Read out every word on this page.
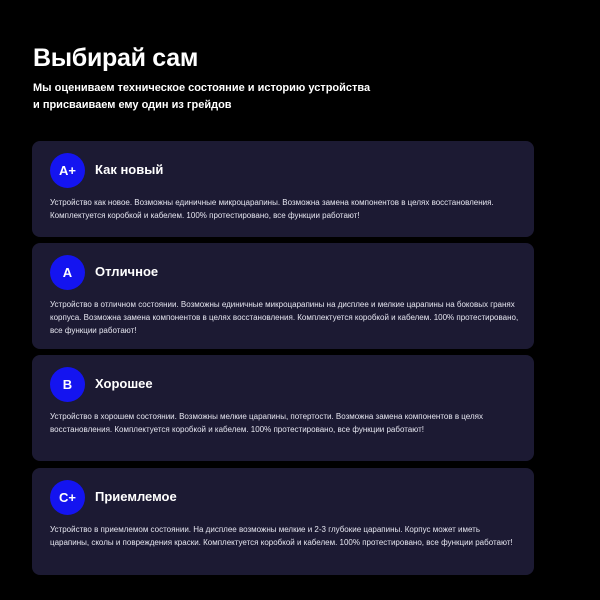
Выбирай сам
Мы оцениваем техническое состояние и историю устройства
и присваиваем ему один из грейдов
A+	Как новый
Устройство как новое. Возможны единичные микроцарапины. Возможна замена компонентов в целях восстановления. Комплектуется коробкой и кабелем. 100% протестировано, все функции работают!
A	Отличное
Устройство в отличном состоянии. Возможны единичные микроцарапины на дисплее и мелкие царапины на боковых гранях корпуса. Возможна замена компонентов в целях восстановления. Комплектуется коробкой и кабелем. 100% протестировано, все функции работают!
B	Хорошее
Устройство в хорошем состоянии. Возможны мелкие царапины, потертости. Возможна замена компонентов в целях восстановления. Комплектуется коробкой и кабелем. 100% протестировано, все функции работают!
C+	Приемлемое
Устройство в приемлемом состоянии. На дисплее возможны мелкие и 2-3 глубокие царапины. Корпус может иметь царапины, сколы и повреждения краски. Комплектуется коробкой и кабелем. 100% протестировано, все функции работают!
